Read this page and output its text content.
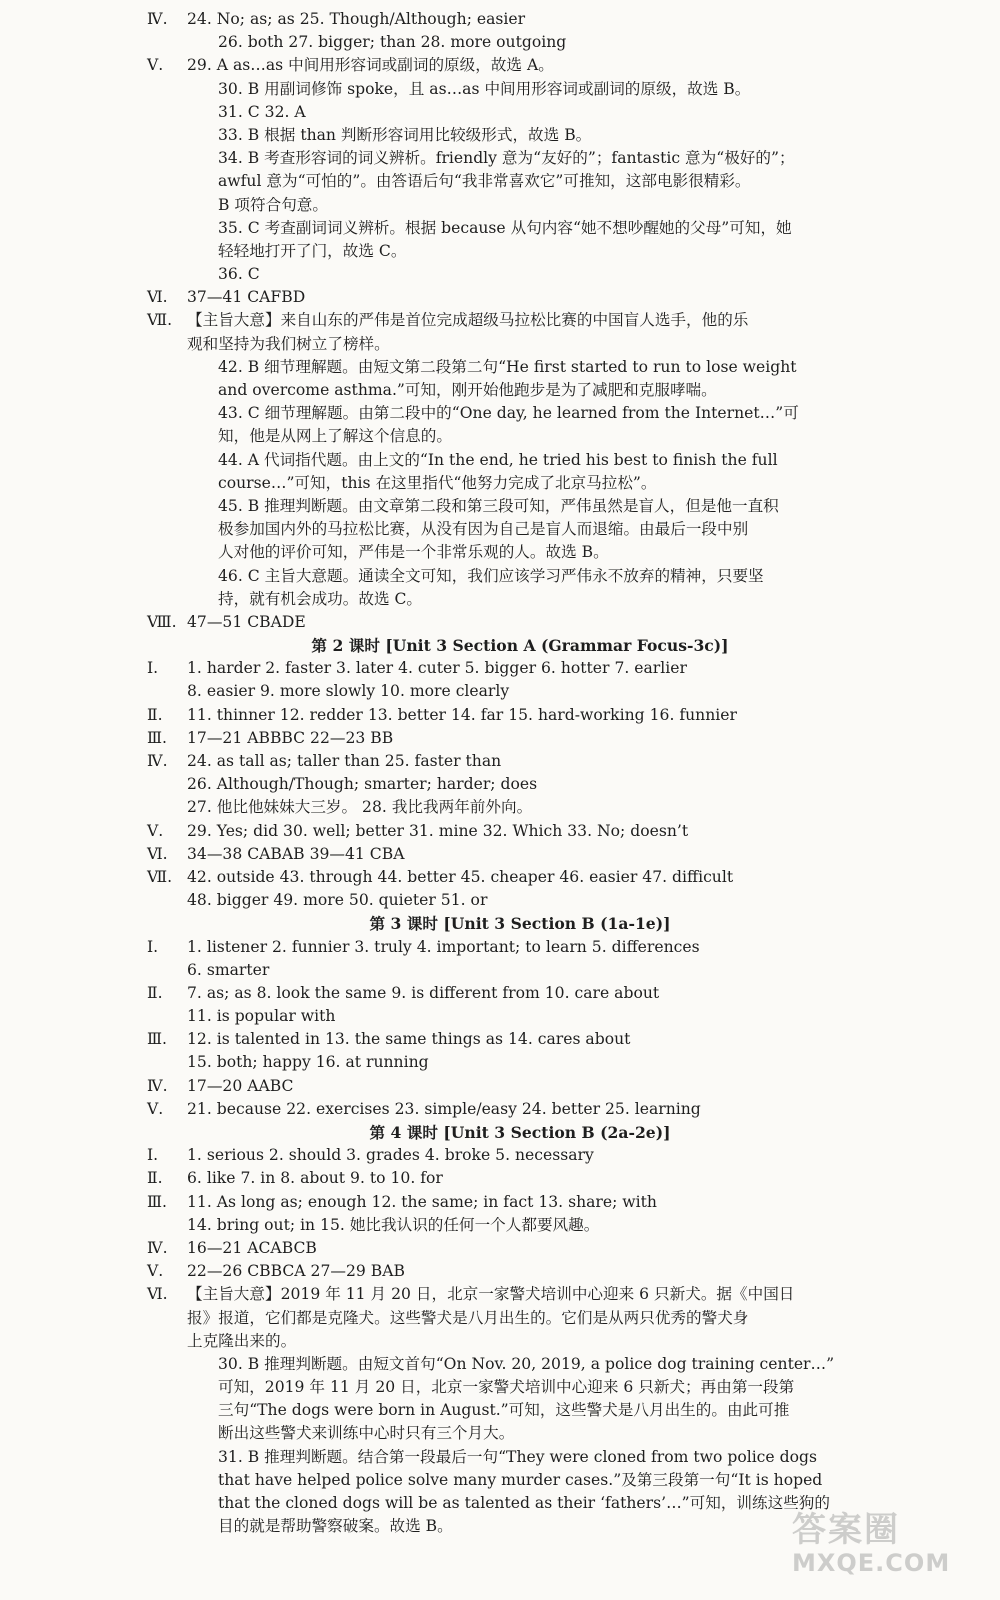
Ⅳ. 24. No; as; as 25. Though/Although; easier
26. both 27. bigger; than 28. more outgoing
Ⅴ. 29. A as…as 中间用形容词或副词的原级，故选 A。
30. B 用副词修饰 spoke，且 as…as 中间用形容词或副词的原级，故选 B。
31. C 32. A
33. B 根据 than 判断形容词用比较级形式，故选 B。
34. B 考查形容词的词义辨析。friendly 意为“友好的”；fantastic 意为“极好的”；
awful 意为“可怕的”。由答语后句“我非常喜欢它”可推知，这部电影很精彩。
B 项符合句意。
35. C 考查副词词义辨析。根据 because 从句内容“她不想吵醒她的父母”可知，她
轻轻地打开了门，故选 C。
36. C
Ⅵ. 37—41 CAFBD
Ⅶ. 【主旨大意】来自山东的严伟是首位完成超级马拉松比赛的中国盲人选手，他的乐
观和坚持为我们树立了榜样。
42. B 细节理解题。由短文第二段第二句“He first started to run to lose weight
and overcome asthma.”可知，刚开始他跑步是为了减肥和克服哮喘。
43. C 细节理解题。由第二段中的“One day, he learned from the Internet…”可
知，他是从网上了解这个信息的。
44. A 代词指代题。由上文的“In the end, he tried his best to finish the full
course…”可知，this 在这里指代“他努力完成了北京马拉松”。
45. B 推理判断题。由文章第二段和第三段可知，严伟虽然是盲人，但是他一直积
极参加国内外的马拉松比赛，从没有因为自己是盲人而退缩。由最后一段中别
人对他的评价可知，严伟是一个非常乐观的人。故选 B。
46. C 主旨大意题。通读全文可知，我们应该学习严伟永不放弃的精神，只要坚
持，就有机会成功。故选 C。
Ⅷ. 47—51 CBADE
第 2 课时 [Unit 3 Section A (Grammar Focus-3c)]
Ⅰ. 1. harder 2. faster 3. later 4. cuter 5. bigger 6. hotter 7. earlier
8. easier 9. more slowly 10. more clearly
Ⅱ. 11. thinner 12. redder 13. better 14. far 15. hard-working 16. funnier
Ⅲ. 17—21 ABBBC 22—23 BB
Ⅳ. 24. as tall as; taller than 25. faster than
26. Although/Though; smarter; harder; does
27. 他比他妹妹大三岁。 28. 我比我两年前外向。
Ⅴ. 29. Yes; did 30. well; better 31. mine 32. Which 33. No; doesn’t
Ⅵ. 34—38 CABAB 39—41 CBA
Ⅶ. 42. outside 43. through 44. better 45. cheaper 46. easier 47. difficult
48. bigger 49. more 50. quieter 51. or
第 3 课时 [Unit 3 Section B (1a-1e)]
Ⅰ. 1. listener 2. funnier 3. truly 4. important; to learn 5. differences
6. smarter
Ⅱ. 7. as; as 8. look the same 9. is different from 10. care about
11. is popular with
Ⅲ. 12. is talented in 13. the same things as 14. cares about
15. both; happy 16. at running
Ⅳ. 17—20 AABC
Ⅴ. 21. because 22. exercises 23. simple/easy 24. better 25. learning
第 4 课时 [Unit 3 Section B (2a-2e)]
Ⅰ. 1. serious 2. should 3. grades 4. broke 5. necessary
Ⅱ. 6. like 7. in 8. about 9. to 10. for
Ⅲ. 11. As long as; enough 12. the same; in fact 13. share; with
14. bring out; in 15. 她比我认识的任何一个人都要风趣。
Ⅳ. 16—21 ACABCB
Ⅴ. 22—26 CBBCA 27—29 BAB
Ⅵ. 【主旨大意】2019 年 11 月 20 日，北京一家警犬培训中心迎来 6 只新犬。据《中国日
报》报道，它们都是克隆犬。这些警犬是八月出生的。它们是从两只优秀的警犬身
上克隆出来的。
30. B 推理判断题。由短文首句“On Nov. 20, 2019, a police dog training center…”
可知，2019 年 11 月 20 日，北京一家警犬培训中心迎来 6 只新犬；再由第一段第
三句“The dogs were born in August.”可知，这些警犬是八月出生的。由此可推
断出这些警犬来训练中心时只有三个月大。
31. B 推理判断题。结合第一段最后一句“They were cloned from two police dogs
that have helped police solve many murder cases.”及第三段第一句“It is hoped
that the cloned dogs will be as talented as their ‘fathers’…”可知，训练这些狗的
目的就是帮助警察破案。故选 B。	答案圈
MXQE.COM
